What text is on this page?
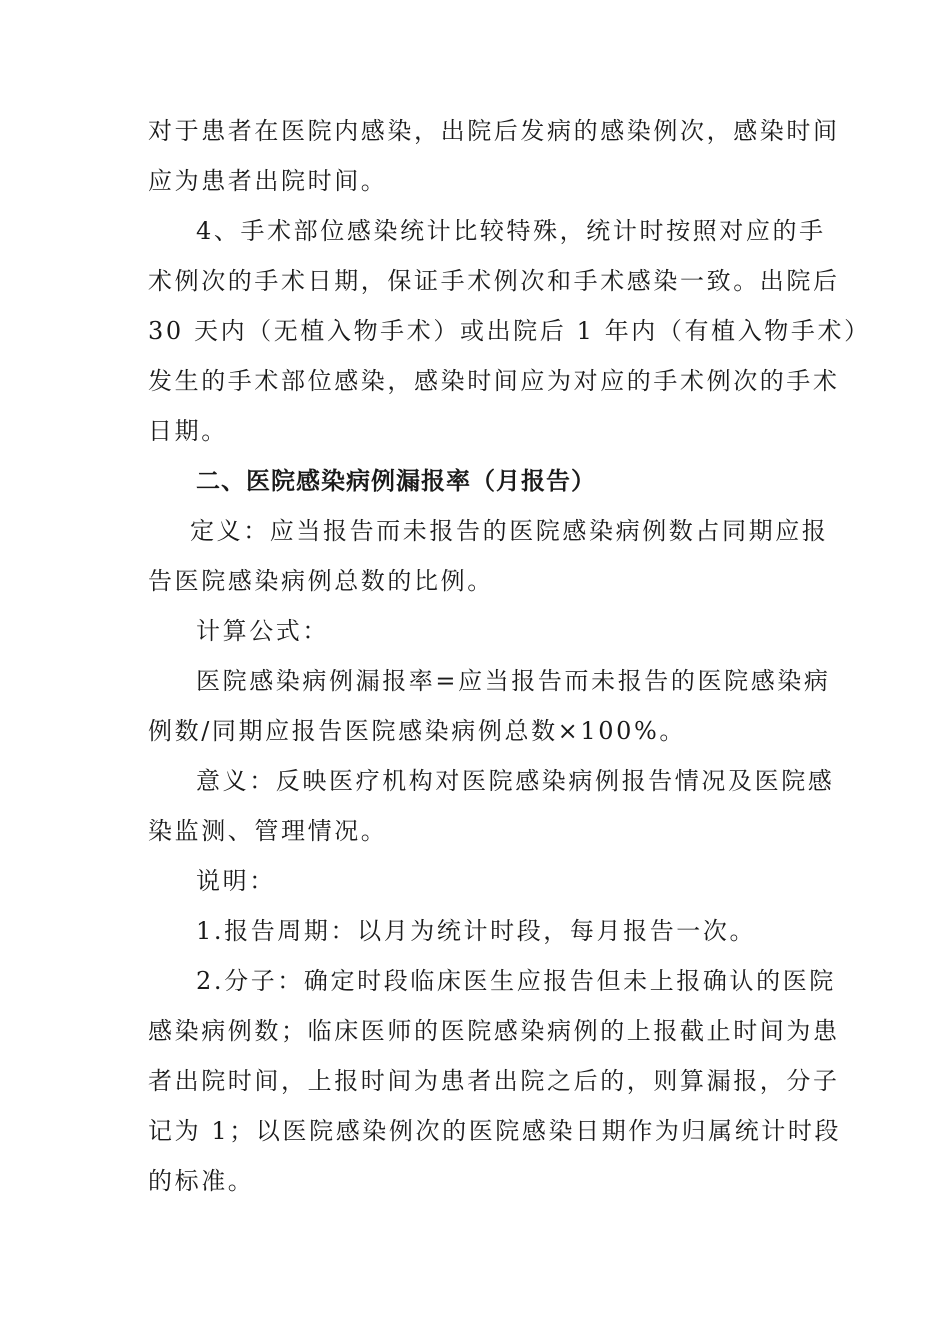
对于患者在医院内感染，出院后发病的感染例次，感染时间
应为患者出院时间。
4、手术部位感染统计比较特殊，统计时按照对应的手
术例次的手术日期，保证手术例次和手术感染一致。出院后
30 天内（无植入物手术）或出院后 1 年内（有植入物手术）
发生的手术部位感染，感染时间应为对应的手术例次的手术
日期。
二、医院感染病例漏报率（月报告）
定义：应当报告而未报告的医院感染病例数占同期应报
告医院感染病例总数的比例。
计算公式：
医院感染病例漏报率=应当报告而未报告的医院感染病
例数/同期应报告医院感染病例总数×100%。
意义：反映医疗机构对医院感染病例报告情况及医院感
染监测、管理情况。
说明：
1.报告周期：以月为统计时段，每月报告一次。
2.分子：确定时段临床医生应报告但未上报确认的医院
感染病例数；临床医师的医院感染病例的上报截止时间为患
者出院时间，上报时间为患者出院之后的，则算漏报，分子
记为 1；以医院感染例次的医院感染日期作为归属统计时段
的标准。
